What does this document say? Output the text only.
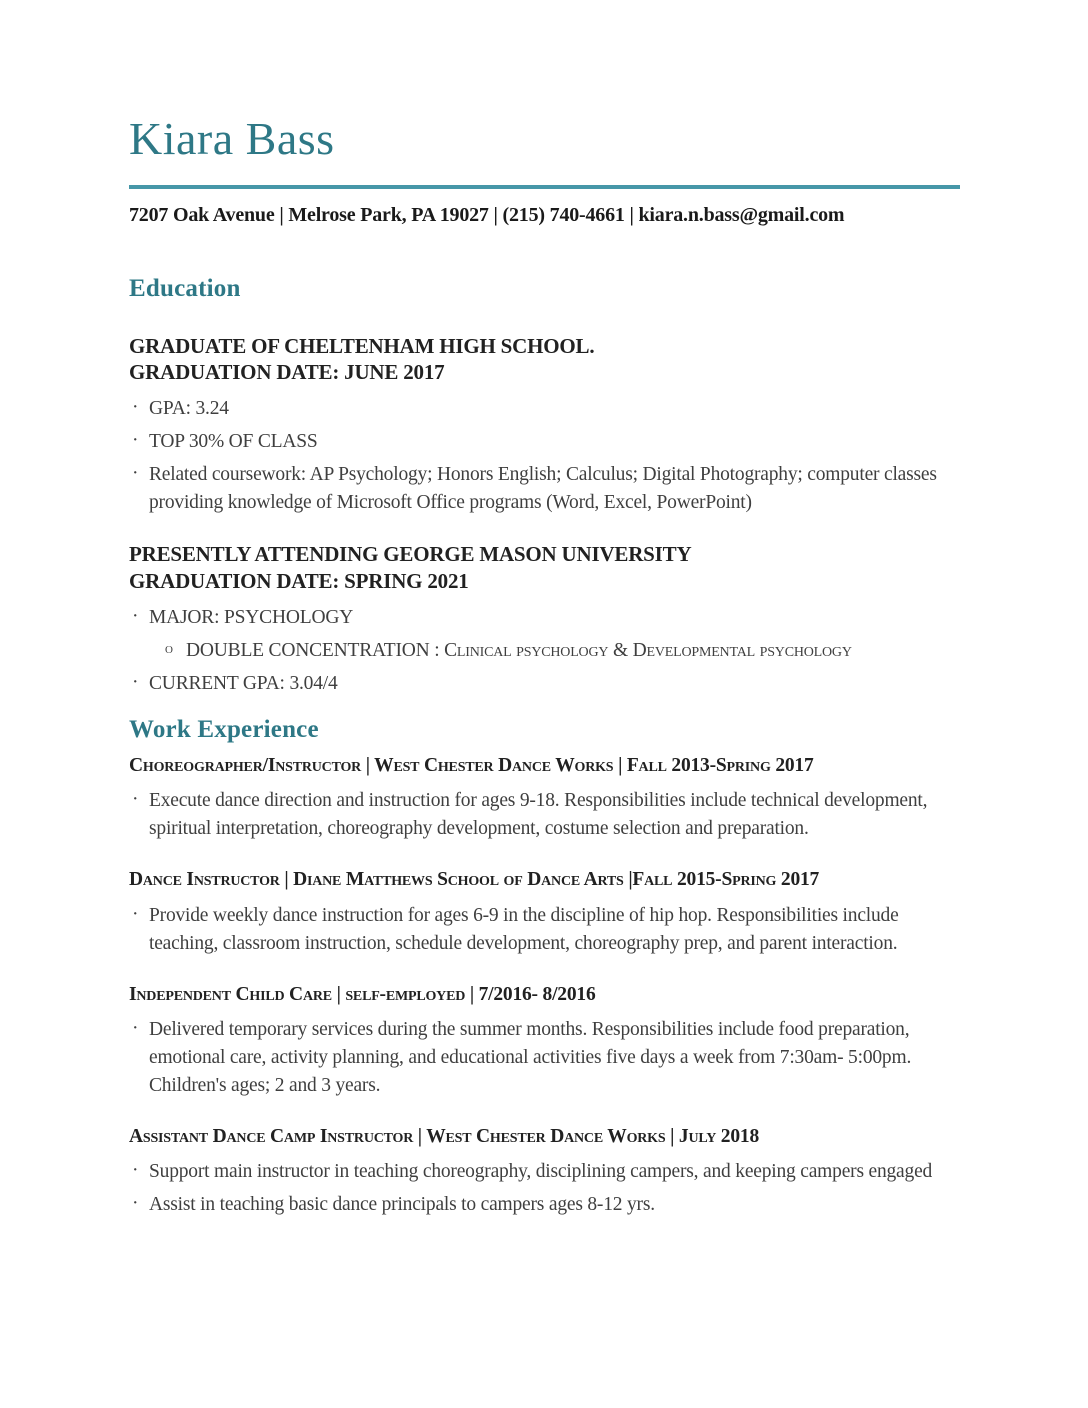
Kiara Bass
7207 Oak Avenue | Melrose Park, PA 19027 | (215) 740-4661 | kiara.n.bass@gmail.com
Education
GRADUATE OF CHELTENHAM HIGH SCHOOL.
GRADUATION DATE: JUNE 2017
· GPA: 3.24
· TOP 30% OF CLASS
· Related coursework: AP Psychology; Honors English; Calculus; Digital Photography; computer classes providing knowledge of Microsoft Office programs (Word, Excel, PowerPoint)
PRESENTLY ATTENDING GEORGE MASON UNIVERSITY
GRADUATION DATE: SPRING 2021
· MAJOR: PSYCHOLOGY
o DOUBLE CONCENTRATION : Clinical psychology & Developmental psychology
· CURRENT GPA: 3.04/4
Work Experience
Choreographer/Instructor | West Chester Dance Works | Fall 2013-Spring 2017
· Execute dance direction and instruction for ages 9-18. Responsibilities include technical development, spiritual interpretation, choreography development, costume selection and preparation.
Dance Instructor | Diane Matthews School of Dance Arts |Fall 2015-Spring 2017
· Provide weekly dance instruction for ages 6-9 in the discipline of hip hop. Responsibilities include teaching, classroom instruction, schedule development, choreography prep, and parent interaction.
Independent Child Care | self-employed | 7/2016- 8/2016
· Delivered temporary services during the summer months. Responsibilities include food preparation, emotional care, activity planning, and educational activities five days a week from 7:30am- 5:00pm. Children's ages; 2 and 3 years.
Assistant Dance Camp Instructor | West Chester Dance Works | July 2018
· Support main instructor in teaching choreography, disciplining campers, and keeping campers engaged
· Assist in teaching basic dance principals to campers ages 8-12 yrs.
